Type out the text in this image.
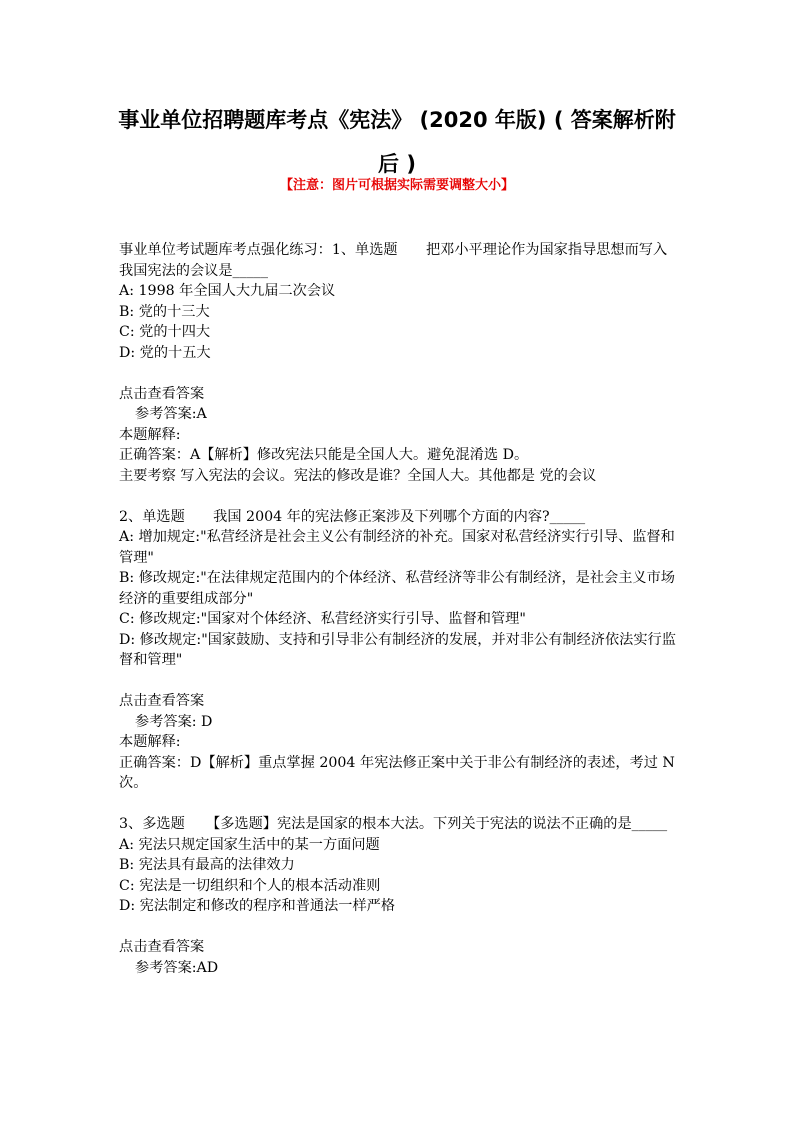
事业单位招聘题库考点《宪法》 (2020 年版) ( 答案解析附后 )
【注意：图片可根据实际需要调整大小】
事业单位考试题库考点强化练习：1、单选题　　把邓小平理论作为国家指导思想而写入我国宪法的会议是_____
A: 1998 年全国人大九届二次会议
B: 党的十三大
C: 党的十四大
D: 党的十五大
点击查看答案
参考答案:A
本题解释:
正确答案：A【解析】修改宪法只能是全国人大。避免混淆选 D。
主要考察 写入宪法的会议。宪法的修改是谁？全国人大。其他都是 党的会议
2、单选题　　我国 2004 年的宪法修正案涉及下列哪个方面的内容?_____
A: 增加规定:"私营经济是社会主义公有制经济的补充。国家对私营经济实行引导、监督和管理"
B: 修改规定:"在法律规定范围内的个体经济、私营经济等非公有制经济，是社会主义市场经济的重要组成部分"
C: 修改规定:"国家对个体经济、私营经济实行引导、监督和管理"
D: 修改规定:"国家鼓励、支持和引导非公有制经济的发展，并对非公有制经济依法实行监督和管理"
点击查看答案
参考答案: D
本题解释:
正确答案：D【解析】重点掌握 2004 年宪法修正案中关于非公有制经济的表述，考过 N 次。
3、多选题　　【多选题】宪法是国家的根本大法。下列关于宪法的说法不正确的是_____
A: 宪法只规定国家生活中的某一方面问题
B: 宪法具有最高的法律效力
C: 宪法是一切组织和个人的根本活动准则
D: 宪法制定和修改的程序和普通法一样严格
点击查看答案
参考答案:AD
